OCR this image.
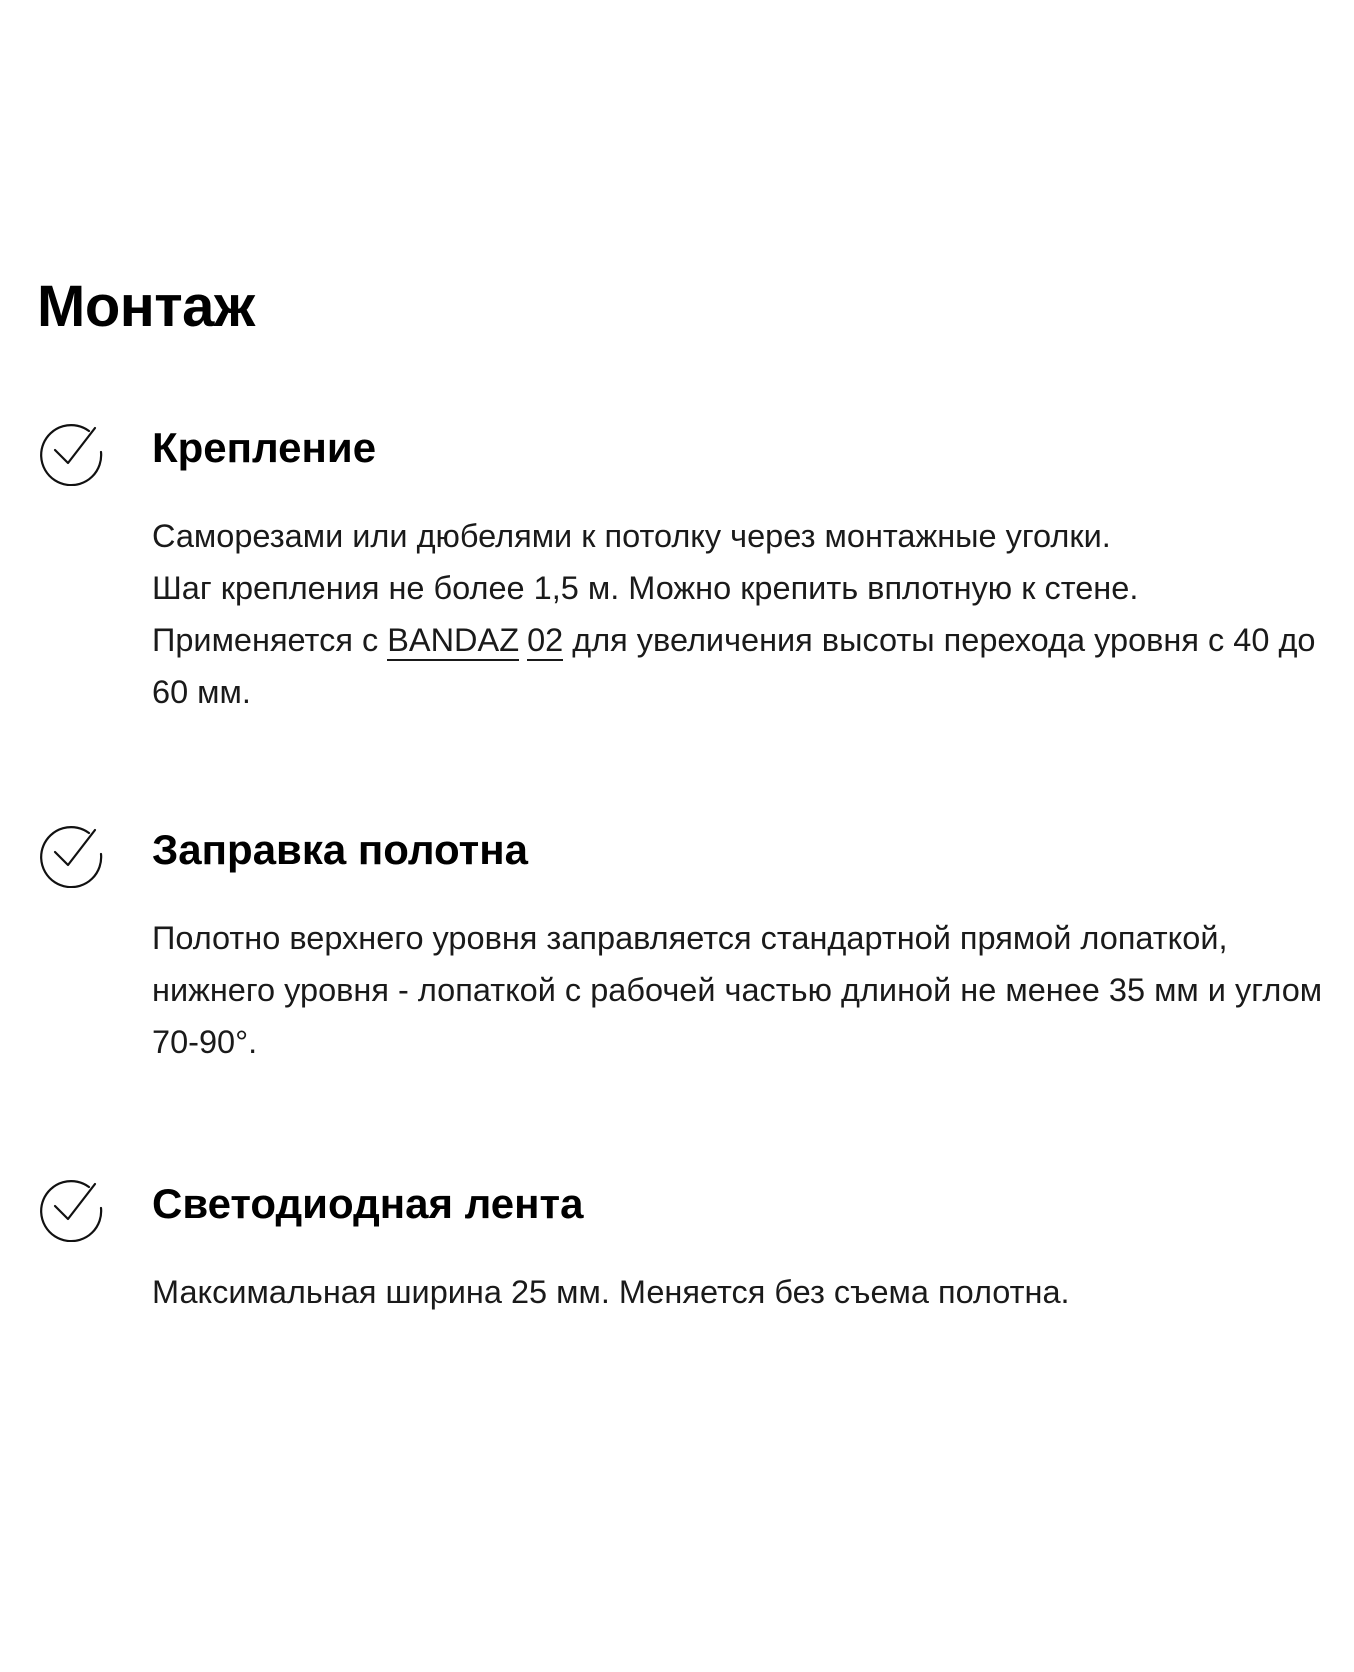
Монтаж
Крепление

Саморезами или дюбелями к потолку через монтажные уголки.

Шаг крепления не более 1,5 м. Можно крепить вплотную к стене.

Применяется с BANDAZ 02 для увеличения высоты перехода уровня с 40 до 60 мм.

Заправка полотна

Полотно верхнего уровня заправляется стандартной прямой лопаткой, нижнего уровня - лопаткой с рабочей частью длиной не менее 35 мм и углом 70-90°.

Светодиодная лента

Максимальная ширина 25 мм. Меняется без съема полотна.
